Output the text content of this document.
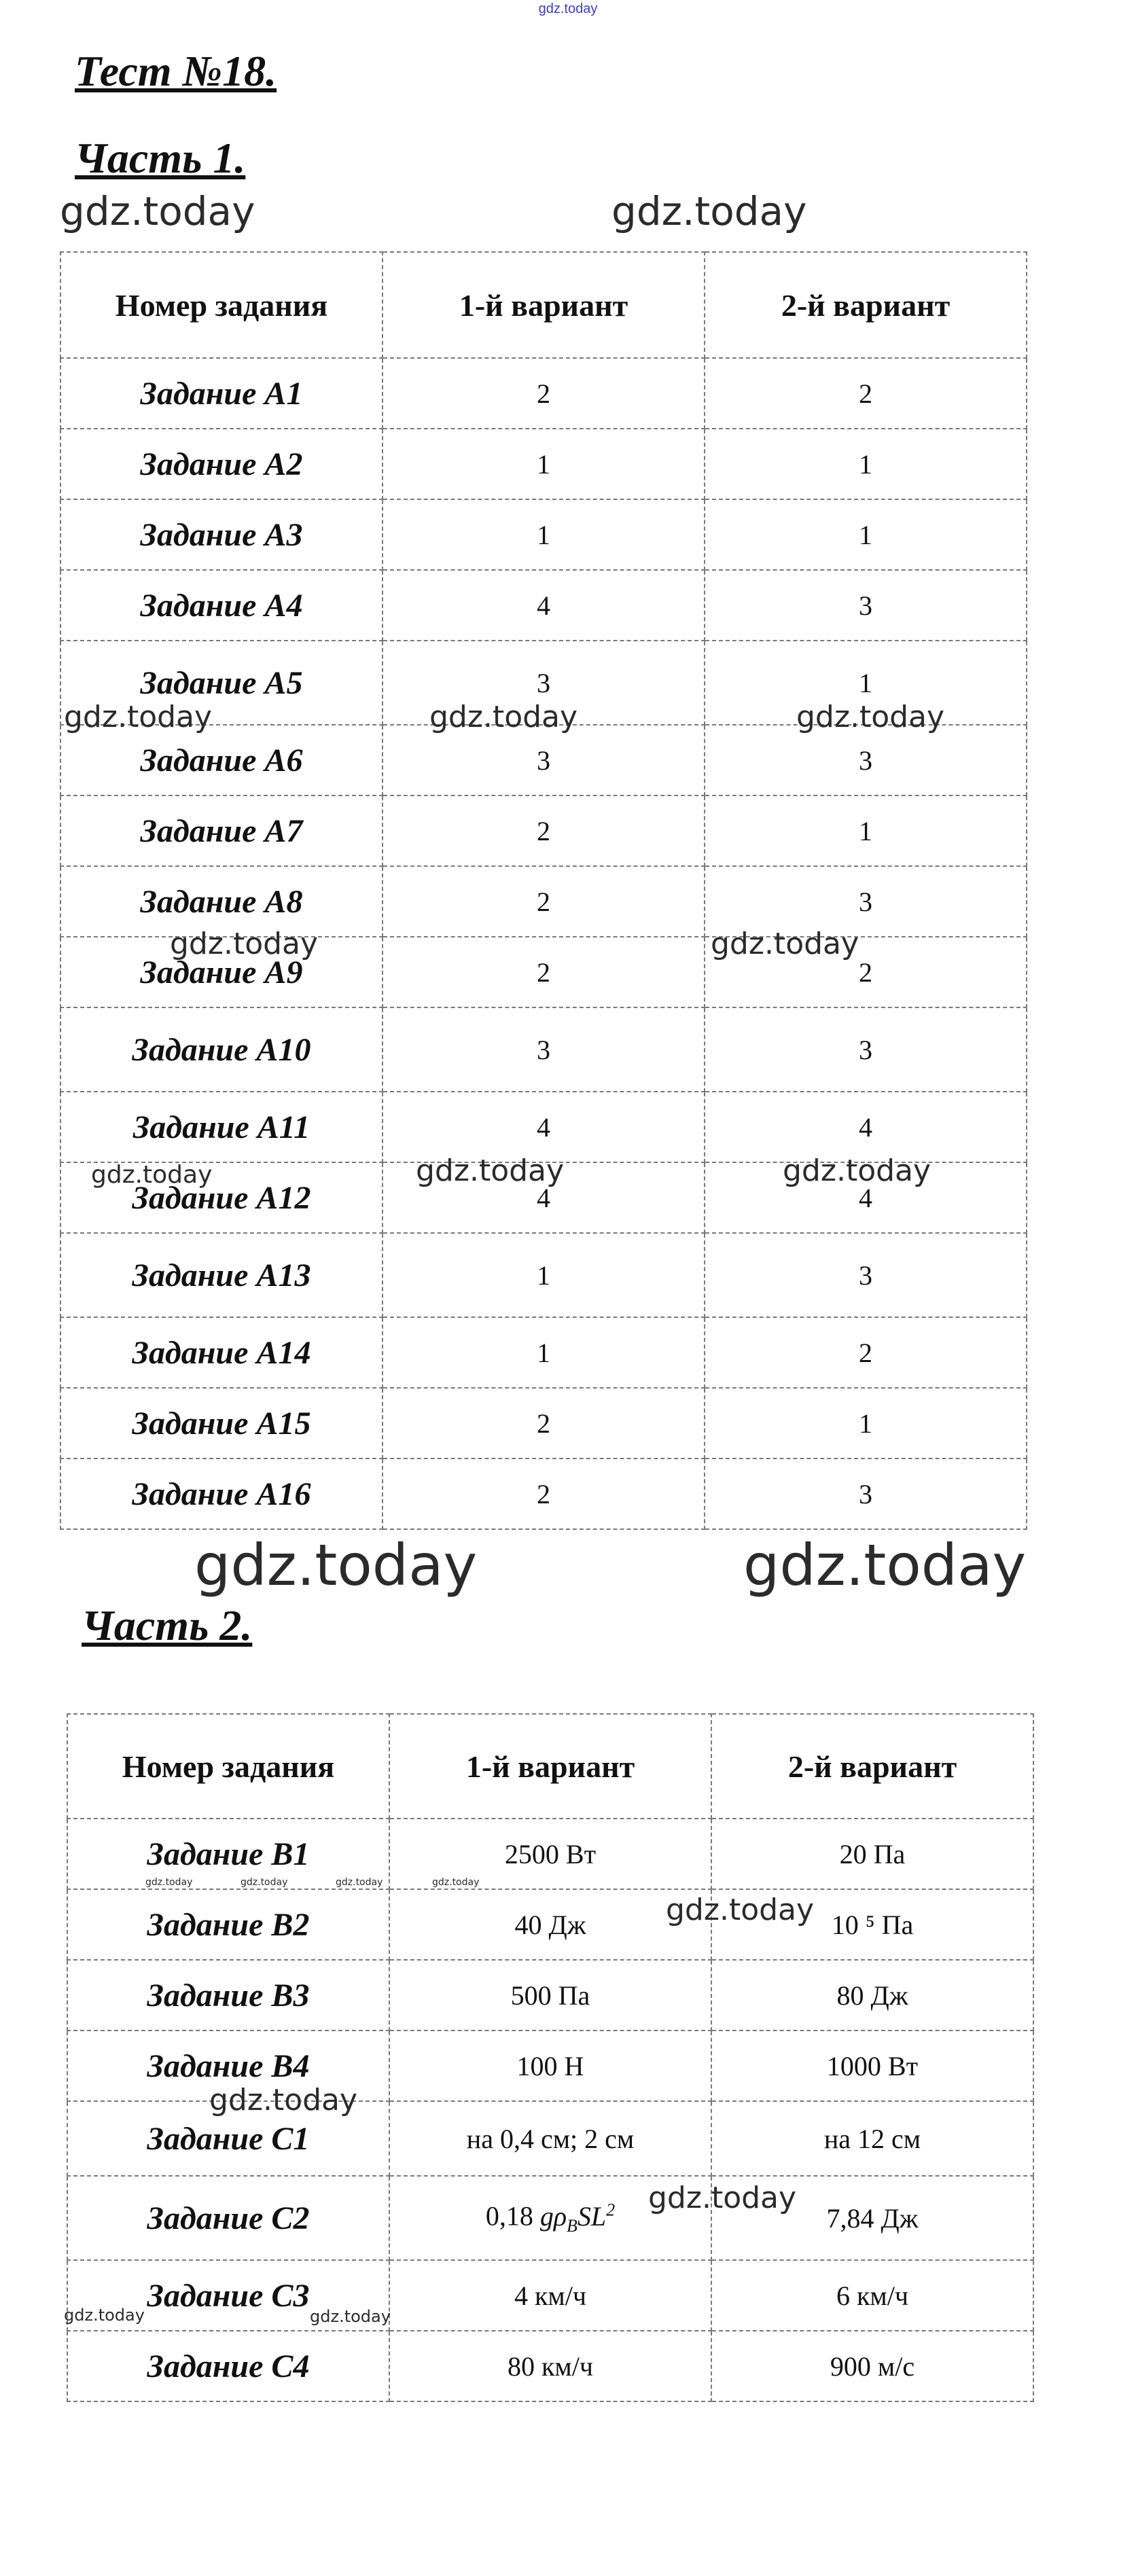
gdz.today
Тест №18.
Часть 1.
Номер задания	1-й вариант	2-й вариант
Задание А1	2	2
Задание А2	1	1
Задание А3	1	1
Задание А4	4	3
Задание А5	3	1
Задание А6	3	3
Задание А7	2	1
Задание А8	2	3
Задание А9	2	2
Задание А10	3	3
Задание А11	4	4
Задание А12	4	4
Задание А13	1	3
Задание А14	1	2
Задание А15	2	1
Задание А16	2	3
Часть 2.
Номер задания	1-й вариант	2-й вариант
Задание В1	2500 Вт	20 Па
Задание В2	40 Дж	10 ⁵ Па
Задание В3	500 Па	80 Дж
Задание В4	100 Н	1000 Вт
Задание С1	на 0,4 см; 2 см	на 12 см
Задание С2	0,18 $g\rho_BSL^2$	7,84 Дж
Задание С3	4 км/ч	6 км/ч
Задание С4	80 км/ч	900 м/с
gdz.today	gdz.today
gdz.today	gdz.today	gdz.today
gdz.today	gdz.today
gdz.today	gdz.today	gdz.today
gdz.today	gdz.today
gdz.today	gdz.today	gdz.today	gdz.today
gdz.today
gdz.today
gdz.today
gdz.today	gdz.today
